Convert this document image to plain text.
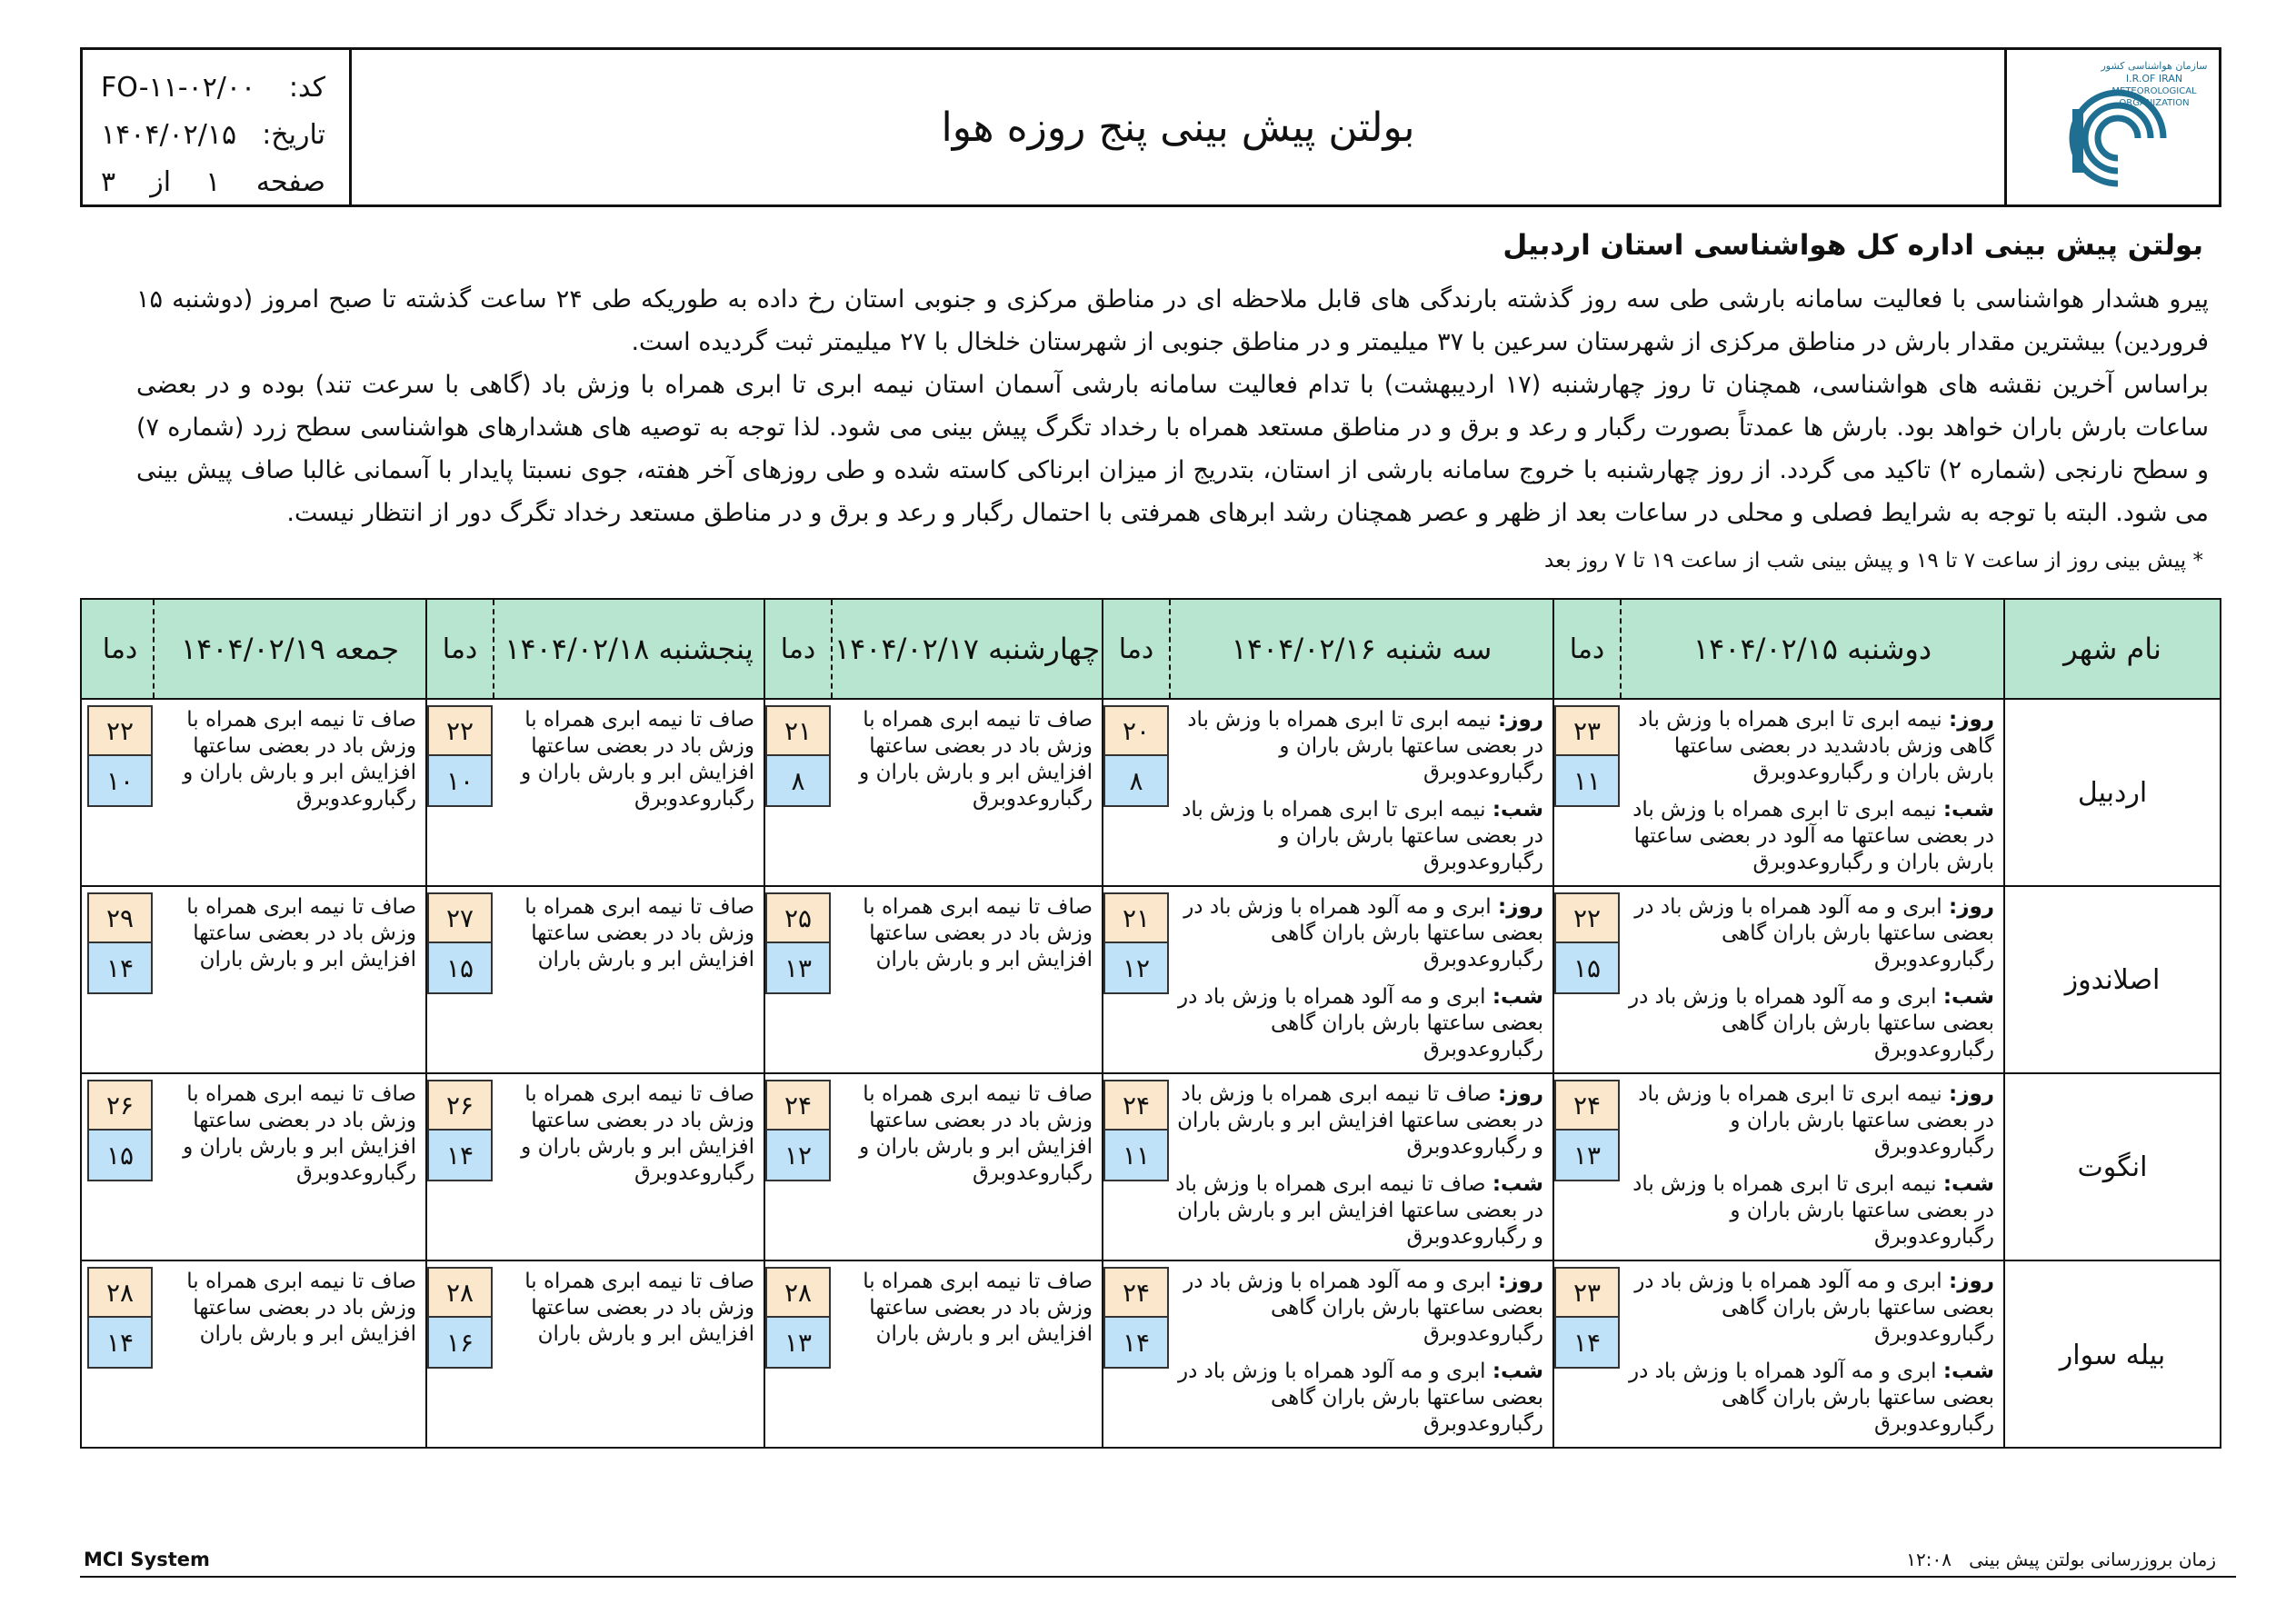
کد:
FO-۱۱-۰۲/۰۰
تاریخ:
۱۴۰۴/۰۲/۱۵
صفحه
۱    از    ۳
بولتن پیش بینی پنج روزه هوا
سازمان هواشناسی کشور
I.R.OF IRAN
METEOROLOGICAL
ORGANIZATION
بولتن پیش بینی اداره کل هواشناسی استان اردبیل
پیرو هشدار هواشناسی با فعالیت سامانه بارشی طی سه روز گذشته بارندگی های قابل ملاحظه ای در مناطق مرکزی و جنوبی استان رخ داده به طوریکه طی ۲۴ ساعت گذشته تا صبح امروز (دوشنبه ۱۵ فروردین) بیشترین مقدار بارش در مناطق مرکزی از شهرستان سرعین با ۳۷ میلیمتر و در مناطق جنوبی از شهرستان خلخال با ۲۷ میلیمتر ثبت گردیده است.
براساس آخرین نقشه های هواشناسی، همچنان تا روز چهارشنبه (۱۷ اردیبهشت) با تدام فعالیت سامانه بارشی آسمان استان نیمه ابری تا ابری همراه با وزش باد (گاهی با سرعت تند) بوده و در بعضی ساعات بارش باران خواهد بود. بارش ها عمدتاً بصورت رگبار و رعد و برق و در مناطق مستعد همراه با رخداد تگرگ پیش بینی می شود. لذا توجه به توصیه های هشدارهای هواشناسی سطح زرد (شماره ۷) و سطح نارنجی (شماره ۲) تاکید می گردد. از روز چهارشنبه با خروج سامانه بارشی از استان، بتدریج از میزان ابرناکی کاسته شده و طی روزهای آخر هفته، جوی نسبتا پایدار با آسمانی غالبا صاف پیش بینی می شود. البته با توجه به شرایط فصلی و محلی در ساعات بعد از ظهر و عصر همچنان رشد ابرهای همرفتی با احتمال رگبار و رعد و برق و در مناطق مستعد رخداد تگرگ دور از انتظار نیست.
* پیش بینی روز از ساعت ۷ تا ۱۹ و پیش بینی شب از ساعت ۱۹ تا ۷ روز بعد
نام شهر
دوشنبه ۱۴۰۴/۰۲/۱۵
دما
سه شنبه ۱۴۰۴/۰۲/۱۶
دما
چهارشنبه ۱۴۰۴/۰۲/۱۷
دما
پنجشنبه ۱۴۰۴/۰۲/۱۸
دما
جمعه ۱۴۰۴/۰۲/۱۹
دما
اردبیل
روز: نیمه ابری تا ابری همراه با وزش باد گاهی وزش بادشدید در بعضی ساعتها بارش باران و رگباروعدوبرق
شب: نیمه ابری تا ابری همراه با وزش باد در بعضی ساعتها مه آلود در بعضی ساعتها بارش باران و رگباروعدوبرق
۲۳
۱۱
روز: نیمه ابری تا ابری همراه با وزش باد در بعضی ساعتها بارش باران و رگباروعدوبرق
شب: نیمه ابری تا ابری همراه با وزش باد در بعضی ساعتها بارش باران و رگباروعدوبرق
۲۰
۸
صاف تا نیمه ابری همراه با وزش باد در بعضی ساعتها افزایش ابر و بارش باران و رگباروعدوبرق
۲۱
۸
صاف تا نیمه ابری همراه با وزش باد در بعضی ساعتها افزایش ابر و بارش باران و رگباروعدوبرق
۲۲
۱۰
صاف تا نیمه ابری همراه با وزش باد در بعضی ساعتها افزایش ابر و بارش باران و رگباروعدوبرق
۲۲
۱۰
اصلاندوز
روز: ابری و مه آلود همراه با وزش باد در بعضی ساعتها بارش باران گاهی رگباروعدوبرق
شب: ابری و مه آلود همراه با وزش باد در بعضی ساعتها بارش باران گاهی رگباروعدوبرق
۲۲
۱۵
روز: ابری و مه آلود همراه با وزش باد در بعضی ساعتها بارش باران گاهی رگباروعدوبرق
شب: ابری و مه آلود همراه با وزش باد در بعضی ساعتها بارش باران گاهی رگباروعدوبرق
۲۱
۱۲
صاف تا نیمه ابری همراه با وزش باد در بعضی ساعتها افزایش ابر و بارش باران
۲۵
۱۳
صاف تا نیمه ابری همراه با وزش باد در بعضی ساعتها افزایش ابر و بارش باران
۲۷
۱۵
صاف تا نیمه ابری همراه با وزش باد در بعضی ساعتها افزایش ابر و بارش باران
۲۹
۱۴
انگوت
روز: نیمه ابری تا ابری همراه با وزش باد در بعضی ساعتها بارش باران و رگباروعدوبرق
شب: نیمه ابری تا ابری همراه با وزش باد در بعضی ساعتها بارش باران و رگباروعدوبرق
۲۴
۱۳
روز: صاف تا نیمه ابری همراه با وزش باد در بعضی ساعتها افزایش ابر و بارش باران و رگباروعدوبرق
شب: صاف تا نیمه ابری همراه با وزش باد در بعضی ساعتها افزایش ابر و بارش باران و رگباروعدوبرق
۲۴
۱۱
صاف تا نیمه ابری همراه با وزش باد در بعضی ساعتها افزایش ابر و بارش باران و رگباروعدوبرق
۲۴
۱۲
صاف تا نیمه ابری همراه با وزش باد در بعضی ساعتها افزایش ابر و بارش باران و رگباروعدوبرق
۲۶
۱۴
صاف تا نیمه ابری همراه با وزش باد در بعضی ساعتها افزایش ابر و بارش باران و رگباروعدوبرق
۲۶
۱۵
بیله سوار
روز: ابری و مه آلود همراه با وزش باد در بعضی ساعتها بارش باران گاهی رگباروعدوبرق
شب: ابری و مه آلود همراه با وزش باد در بعضی ساعتها بارش باران گاهی رگباروعدوبرق
۲۳
۱۴
روز: ابری و مه آلود همراه با وزش باد در بعضی ساعتها بارش باران گاهی رگباروعدوبرق
شب: ابری و مه آلود همراه با وزش باد در بعضی ساعتها بارش باران گاهی رگباروعدوبرق
۲۴
۱۴
صاف تا نیمه ابری همراه با وزش باد در بعضی ساعتها افزایش ابر و بارش باران
۲۸
۱۳
صاف تا نیمه ابری همراه با وزش باد در بعضی ساعتها افزایش ابر و بارش باران
۲۸
۱۶
صاف تا نیمه ابری همراه با وزش باد در بعضی ساعتها افزایش ابر و بارش باران
۲۸
۱۴
MCI System	زمان بروزرسانی بولتن پیش بینی   ۱۲:۰۸
